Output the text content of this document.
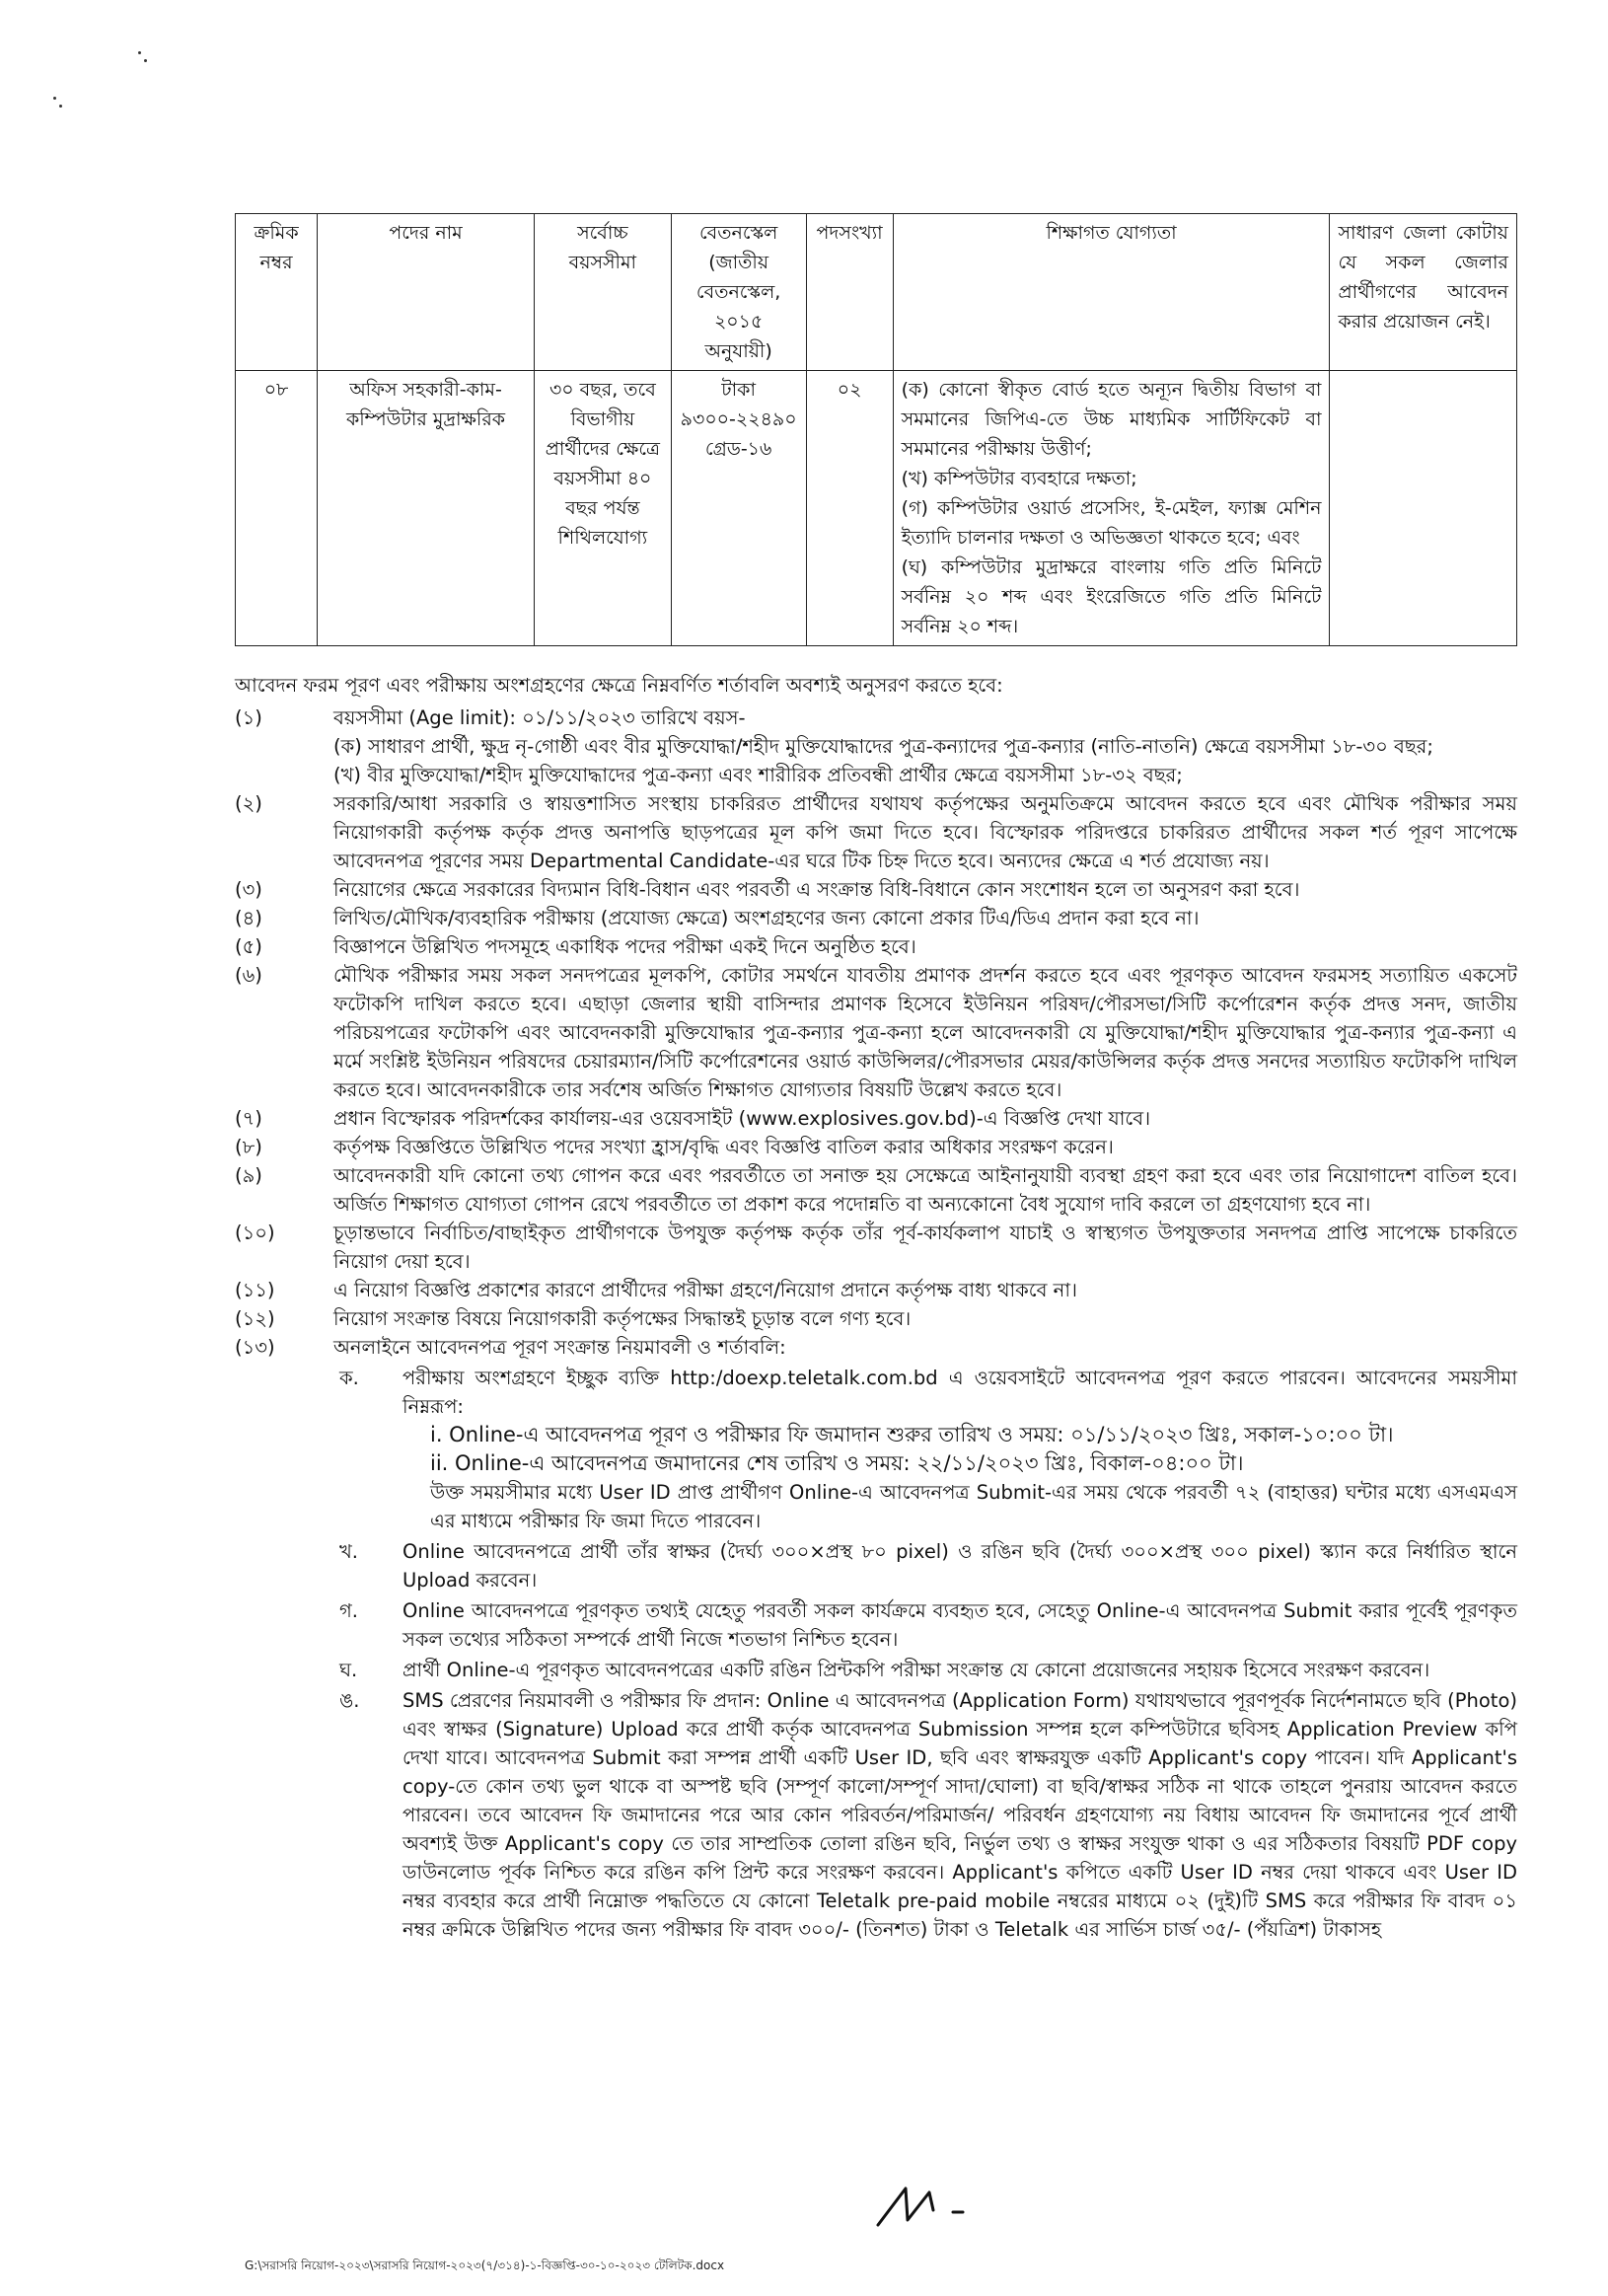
ক্রমিক নম্বর	পদের নাম	সর্বোচ্চ বয়সসীমা	বেতনস্কেল (জাতীয় বেতনস্কেল, ২০১৫ অনুযায়ী)	পদসংখ্যা	শিক্ষাগত যোগ্যতা	সাধারণ জেলা কোটায় যে সকল জেলার প্রার্থীগণের আবেদন করার প্রয়োজন নেই।
০৮	অফিস সহকারী-কাম-কম্পিউটার মুদ্রাক্ষরিক	৩০ বছর, তবে বিভাগীয় প্রার্থীদের ক্ষেত্রে বয়সসীমা ৪০ বছর পর্যন্ত শিথিলযোগ্য	টাকা ৯৩০০-২২৪৯০ গ্রেড-১৬	০২	(ক) কোনো স্বীকৃত বোর্ড হতে অন্যূন দ্বিতীয় বিভাগ বা সমমানের জিপিএ-তে উচ্চ মাধ্যমিক সার্টিফিকেট বা সমমানের পরীক্ষায় উত্তীর্ণ;
(খ) কম্পিউটার ব্যবহারে দক্ষতা;
(গ) কম্পিউটার ওয়ার্ড প্রসেসিং, ই-মেইল, ফ্যাক্স মেশিন ইত্যাদি চালনার দক্ষতা ও অভিজ্ঞতা থাকতে হবে; এবং
(ঘ) কম্পিউটার মুদ্রাক্ষরে বাংলায় গতি প্রতি মিনিটে সর্বনিম্ন ২০ শব্দ এবং ইংরেজিতে গতি প্রতি মিনিটে সর্বনিম্ন ২০ শব্দ।	

আবেদন ফরম পূরণ এবং পরীক্ষায় অংশগ্রহণের ক্ষেত্রে নিম্নবর্ণিত শর্তাবলি অবশ্যই অনুসরণ করতে হবে:

(১)	বয়সসীমা (Age limit): ০১/১১/২০২৩ তারিখে বয়স-
(ক) সাধারণ প্রার্থী, ক্ষুদ্র নৃ-গোষ্ঠী এবং বীর মুক্তিযোদ্ধা/শহীদ মুক্তিযোদ্ধাদের পুত্র-কন্যাদের পুত্র-কন্যার (নাতি-নাতনি) ক্ষেত্রে বয়সসীমা ১৮-৩০ বছর;
(খ) বীর মুক্তিযোদ্ধা/শহীদ মুক্তিযোদ্ধাদের পুত্র-কন্যা এবং শারীরিক প্রতিবন্ধী প্রার্থীর ক্ষেত্রে বয়সসীমা ১৮-৩২ বছর;
(২)	সরকারি/আধা সরকারি ও স্বায়ত্তশাসিত সংস্থায় চাকরিরত প্রার্থীদের যথাযথ কর্তৃপক্ষের অনুমতিক্রমে আবেদন করতে হবে এবং মৌখিক পরীক্ষার সময় নিয়োগকারী কর্তৃপক্ষ কর্তৃক প্রদত্ত অনাপত্তি ছাড়পত্রের মূল কপি জমা দিতে হবে। বিস্ফোরক পরিদপ্তরে চাকরিরত প্রার্থীদের সকল শর্ত পূরণ সাপেক্ষে আবেদনপত্র পূরণের সময় Departmental Candidate-এর ঘরে টিক চিহ্ন দিতে হবে। অন্যদের ক্ষেত্রে এ শর্ত প্রযোজ্য নয়।
(৩)	নিয়োগের ক্ষেত্রে সরকারের বিদ্যমান বিধি-বিধান এবং পরবর্তী এ সংক্রান্ত বিধি-বিধানে কোন সংশোধন হলে তা অনুসরণ করা হবে।
(৪)	লিখিত/মৌখিক/ব্যবহারিক পরীক্ষায় (প্রযোজ্য ক্ষেত্রে) অংশগ্রহণের জন্য কোনো প্রকার টিএ/ডিএ প্রদান করা হবে না।
(৫)	বিজ্ঞাপনে উল্লিখিত পদসমূহে একাধিক পদের পরীক্ষা একই দিনে অনুষ্ঠিত হবে।
(৬)	মৌখিক পরীক্ষার সময় সকল সনদপত্রের মূলকপি, কোটার সমর্থনে যাবতীয় প্রমাণক প্রদর্শন করতে হবে এবং পূরণকৃত আবেদন ফরমসহ সত্যায়িত একসেট ফটোকপি দাখিল করতে হবে। এছাড়া জেলার স্থায়ী বাসিন্দার প্রমাণক হিসেবে ইউনিয়ন পরিষদ/পৌরসভা/সিটি কর্পোরেশন কর্তৃক প্রদত্ত সনদ, জাতীয় পরিচয়পত্রের ফটোকপি এবং আবেদনকারী মুক্তিযোদ্ধার পুত্র-কন্যার পুত্র-কন্যা হলে আবেদনকারী যে মুক্তিযোদ্ধা/শহীদ মুক্তিযোদ্ধার পুত্র-কন্যার পুত্র-কন্যা এ মর্মে সংশ্লিষ্ট ইউনিয়ন পরিষদের চেয়ারম্যান/সিটি কর্পোরেশনের ওয়ার্ড কাউন্সিলর/পৌরসভার মেয়র/কাউন্সিলর কর্তৃক প্রদত্ত সনদের সত্যায়িত ফটোকপি দাখিল করতে হবে। আবেদনকারীকে তার সর্বশেষ অর্জিত শিক্ষাগত যোগ্যতার বিষয়টি উল্লেখ করতে হবে।
(৭)	প্রধান বিস্ফোরক পরিদর্শকের কার্যালয়-এর ওয়েবসাইট (www.explosives.gov.bd)-এ বিজ্ঞপ্তি দেখা যাবে।
(৮)	কর্তৃপক্ষ বিজ্ঞপ্তিতে উল্লিখিত পদের সংখ্যা হ্রাস/বৃদ্ধি এবং বিজ্ঞপ্তি বাতিল করার অধিকার সংরক্ষণ করেন।
(৯)	আবেদনকারী যদি কোনো তথ্য গোপন করে এবং পরবর্তীতে তা সনাক্ত হয় সেক্ষেত্রে আইনানুযায়ী ব্যবস্থা গ্রহণ করা হবে এবং তার নিয়োগাদেশ বাতিল হবে। অর্জিত শিক্ষাগত যোগ্যতা গোপন রেখে পরবর্তীতে তা প্রকাশ করে পদোন্নতি বা অন্যকোনো বৈধ সুযোগ দাবি করলে তা গ্রহণযোগ্য হবে না।
(১০)	চূড়ান্তভাবে নির্বাচিত/বাছাইকৃত প্রার্থীগণকে উপযুক্ত কর্তৃপক্ষ কর্তৃক তাঁর পূর্ব-কার্যকলাপ যাচাই ও স্বাস্থ্যগত উপযুক্ততার সনদপত্র প্রাপ্তি সাপেক্ষে চাকরিতে নিয়োগ দেয়া হবে।
(১১)	এ নিয়োগ বিজ্ঞপ্তি প্রকাশের কারণে প্রার্থীদের পরীক্ষা গ্রহণে/নিয়োগ প্রদানে কর্তৃপক্ষ বাধ্য থাকবে না।
(১২)	নিয়োগ সংক্রান্ত বিষয়ে নিয়োগকারী কর্তৃপক্ষের সিদ্ধান্তই চূড়ান্ত বলে গণ্য হবে।
(১৩)	অনলাইনে আবেদনপত্র পূরণ সংক্রান্ত নিয়মাবলী ও শর্তাবলি:
ক.	পরীক্ষায় অংশগ্রহণে ইচ্ছুক ব্যক্তি http:/doexp.teletalk.com.bd এ ওয়েবসাইটে আবেদনপত্র পূরণ করতে পারবেন। আবেদনের সময়সীমা নিম্নরূপ:
i. Online-এ আবেদনপত্র পূরণ ও পরীক্ষার ফি জমাদান শুরুর তারিখ ও সময়: ০১/১১/২০২৩ খ্রিঃ, সকাল-১০:০০ টা।
ii. Online-এ আবেদনপত্র জমাদানের শেষ তারিখ ও সময়: ২২/১১/২০২৩ খ্রিঃ, বিকাল-০৪:০০ টা।
উক্ত সময়সীমার মধ্যে User ID প্রাপ্ত প্রার্থীগণ Online-এ আবেদনপত্র Submit-এর সময় থেকে পরবর্তী ৭২ (বাহাত্তর) ঘন্টার মধ্যে এসএমএস এর মাধ্যমে পরীক্ষার ফি জমা দিতে পারবেন।
খ.	Online আবেদনপত্রে প্রার্থী তাঁর স্বাক্ষর (দৈর্ঘ্য ৩০০×প্রস্থ ৮০ pixel) ও রঙিন ছবি (দৈর্ঘ্য ৩০০×প্রস্থ ৩০০ pixel) স্ক্যান করে নির্ধারিত স্থানে Upload করবেন।
গ.	Online আবেদনপত্রে পূরণকৃত তথ্যই যেহেতু পরবর্তী সকল কার্যক্রমে ব্যবহৃত হবে, সেহেতু Online-এ আবেদনপত্র Submit করার পূর্বেই পূরণকৃত সকল তথ্যের সঠিকতা সম্পর্কে প্রার্থী নিজে শতভাগ নিশ্চিত হবেন।
ঘ.	প্রার্থী Online-এ পূরণকৃত আবেদনপত্রের একটি রঙিন প্রিন্টকপি পরীক্ষা সংক্রান্ত যে কোনো প্রয়োজনের সহায়ক হিসেবে সংরক্ষণ করবেন।
ঙ.	SMS প্রেরণের নিয়মাবলী ও পরীক্ষার ফি প্রদান: Online এ আবেদনপত্র (Application Form) যথাযথভাবে পূরণপূর্বক নির্দেশনামতে ছবি (Photo) এবং স্বাক্ষর (Signature) Upload করে প্রার্থী কর্তৃক আবেদনপত্র Submission সম্পন্ন হলে কম্পিউটারে ছবিসহ Application Preview কপি দেখা যাবে। আবেদনপত্র Submit করা সম্পন্ন প্রার্থী একটি User ID, ছবি এবং স্বাক্ষরযুক্ত একটি Applicant's copy পাবেন। যদি Applicant's copy-তে কোন তথ্য ভুল থাকে বা অস্পষ্ট ছবি (সম্পূর্ণ কালো/সম্পূর্ণ সাদা/ঘোলা) বা ছবি/স্বাক্ষর সঠিক না থাকে তাহলে পুনরায় আবেদন করতে পারবেন। তবে আবেদন ফি জমাদানের পরে আর কোন পরিবর্তন/পরিমার্জন/ পরিবর্ধন গ্রহণযোগ্য নয় বিধায় আবেদন ফি জমাদানের পূর্বে প্রার্থী অবশ্যই উক্ত Applicant's copy তে তার সাম্প্রতিক তোলা রঙিন ছবি, নির্ভুল তথ্য ও স্বাক্ষর সংযুক্ত থাকা ও এর সঠিকতার বিষয়টি PDF copy ডাউনলোড পূর্বক নিশ্চিত করে রঙিন কপি প্রিন্ট করে সংরক্ষণ করবেন। Applicant's কপিতে একটি User ID নম্বর দেয়া থাকবে এবং User ID নম্বর ব্যবহার করে প্রার্থী নিম্নোক্ত পদ্ধতিতে যে কোনো Teletalk pre-paid mobile নম্বরের মাধ্যমে ০২ (দুই)টি SMS করে পরীক্ষার ফি বাবদ ০১ নম্বর ক্রমিকে উল্লিখিত পদের জন্য পরীক্ষার ফি বাবদ ৩০০/- (তিনশত) টাকা ও Teletalk এর সার্ভিস চার্জ ৩৫/- (পঁয়ত্রিশ) টাকাসহ
G:\সরাসরি নিয়োগ-২০২৩\সরাসরি নিয়োগ-২০২৩(৭/৩১৪)-১-বিজ্ঞপ্তি-৩০-১০-২০২৩ টেলিটক.docx
